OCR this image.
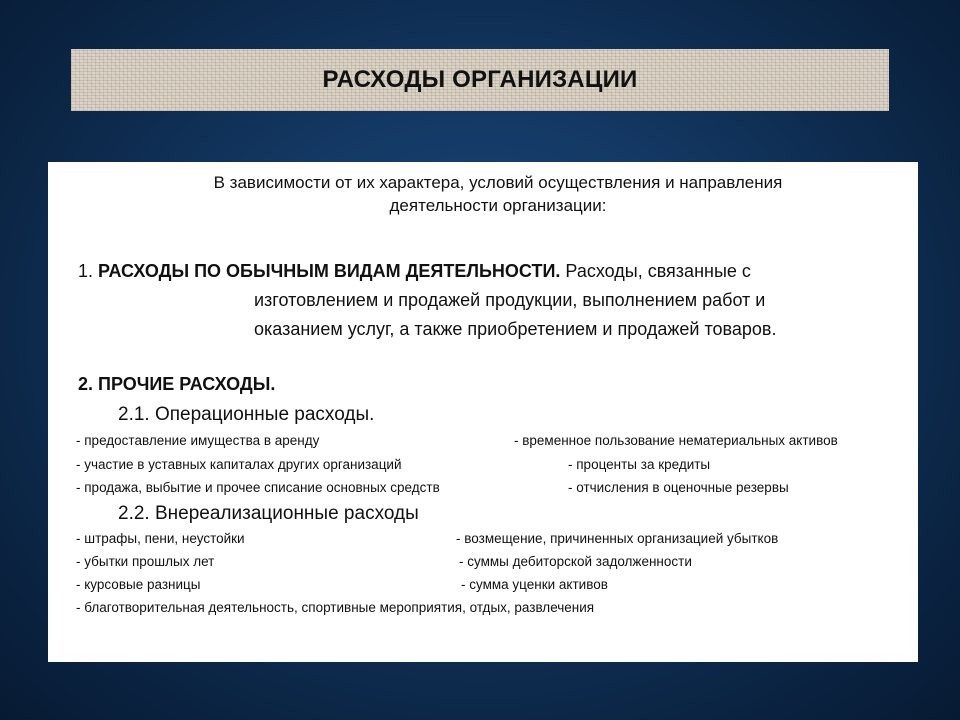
РАСХОДЫ ОРГАНИЗАЦИИ
В зависимости от их характера, условий осуществления и направления
деятельности организации:
1. РАСХОДЫ ПО ОБЫЧНЫМ ВИДАМ ДЕЯТЕЛЬНОСТИ. Расходы, связанные с
изготовлением и продажей продукции, выполнением работ и
оказанием услуг, а также приобретением и продажей товаров.
2. ПРОЧИЕ РАСХОДЫ.
2.1. Операционные расходы.
- предоставление имущества в аренду	- временное пользование нематериальных активов
- участие в уставных капиталах других организаций	- проценты за кредиты
- продажа, выбытие и прочее списание основных средств	- отчисления в оценочные резервы
2.2. Внереализационные расходы
- штрафы, пени, неустойки	- возмещение, причиненных организацией убытков
- убытки прошлых лет	- суммы дебиторской задолженности
- курсовые разницы	- сумма уценки активов
- благотворительная деятельность, спортивные мероприятия, отдых, развлечения
